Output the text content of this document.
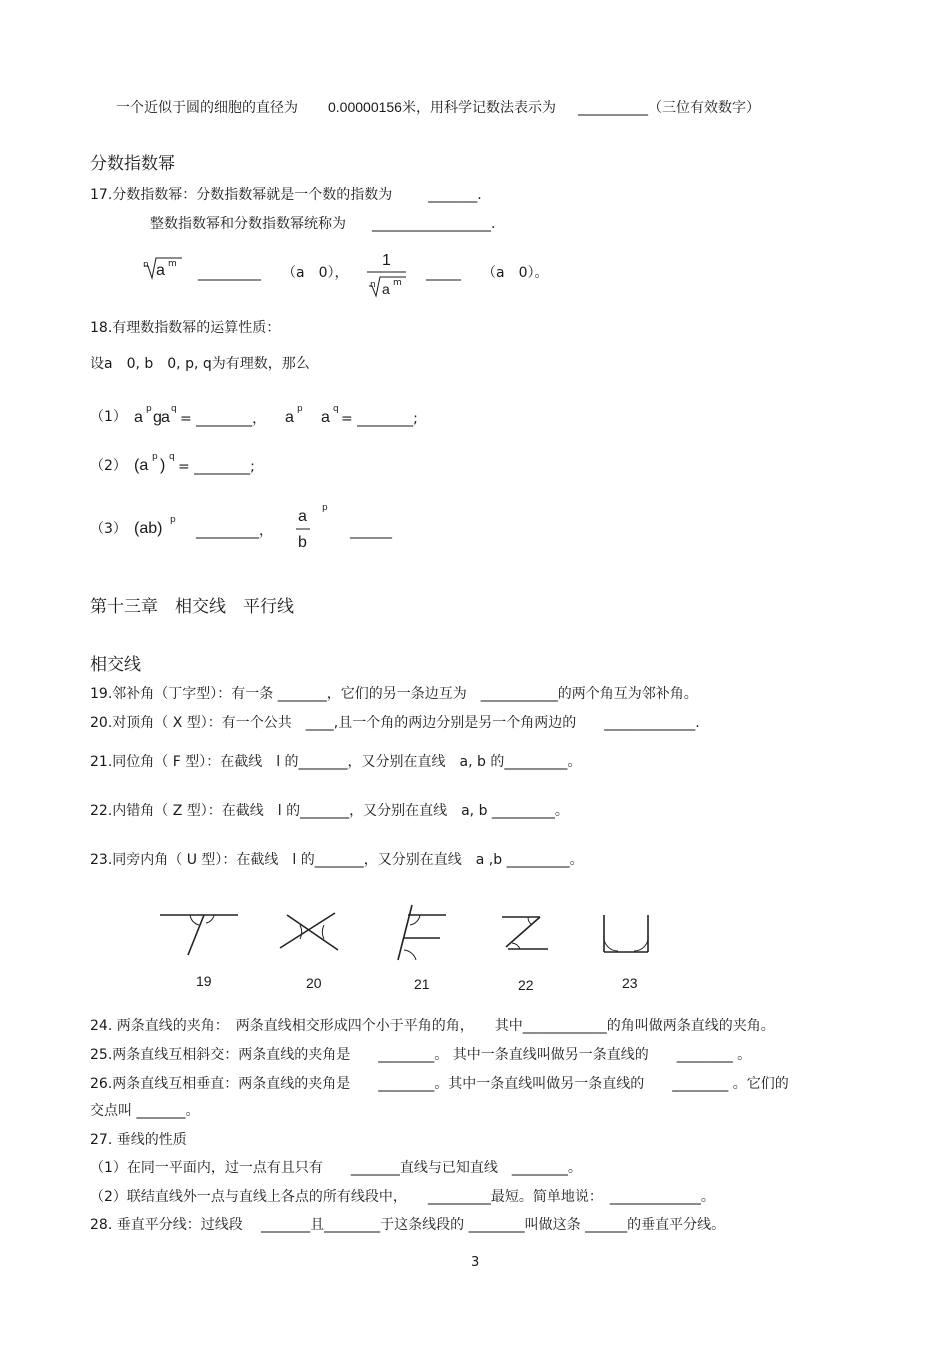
一个近似于圆的细胞的直径为 0.00000156米，用科学记数法表示为 __________（三位有效数字）
分数指数幂
17.分数指数幂：分数指数幂就是一个数的指数为	_______.
整数指数幂和分数指数幂统称为 _________________.
n a m
_________ （a　0），
1
n a m
_____ （a　0）。
18.有理数指数幂的运算性质：
设a　0, b　0, p, q为有理数，那么
（1） a p g a q
= ________， a p a q
= ________;
（2） (a p ) q
= ________;
（3） (ab) p
_________，
a
b
p
______
第十三章　相交线　平行线
相交线
19.邻补角（丁字型）：有一条 _______，它们的另一条边互为　___________的两个角互为邻补角。
20.对顶角（ X 型）：有一个公共　____,且一个角的两边分别是另一个角两边的　　_____________.
21.同位角（ F 型）：在截线　l 的_______，又分别在直线　a, b 的_________。
22.内错角（ Z 型）：在截线　l 的_______，又分别在直线　a, b _________。
23.同旁内角（ U 型）：在截线　l 的_______，又分别在直线　a ,b _________。
19	20	21	22	23
24. 两条直线的夹角：　两条直线相交形成四个小于平角的角，　　其中____________的角叫做两条直线的夹角。
25.两条直线互相斜交：两条直线的夹角是　　________。 其中一条直线叫做另一条直线的　　________ 。
26.两条直线互相垂直：两条直线的夹角是　　________。其中一条直线叫做另一条直线的　　________ 。它们的
交点叫 _______。
27. 垂线的性质
（1）在同一平面内，过一点有且只有　　_______直线与已知直线　________。
（2）联结直线外一点与直线上各点的所有线段中，　　_________最短。简单地说：　_____________。
28. 垂直平分线：过线段　 _______且________于这条线段的 ________叫做这条 ______的垂直平分线。
3
